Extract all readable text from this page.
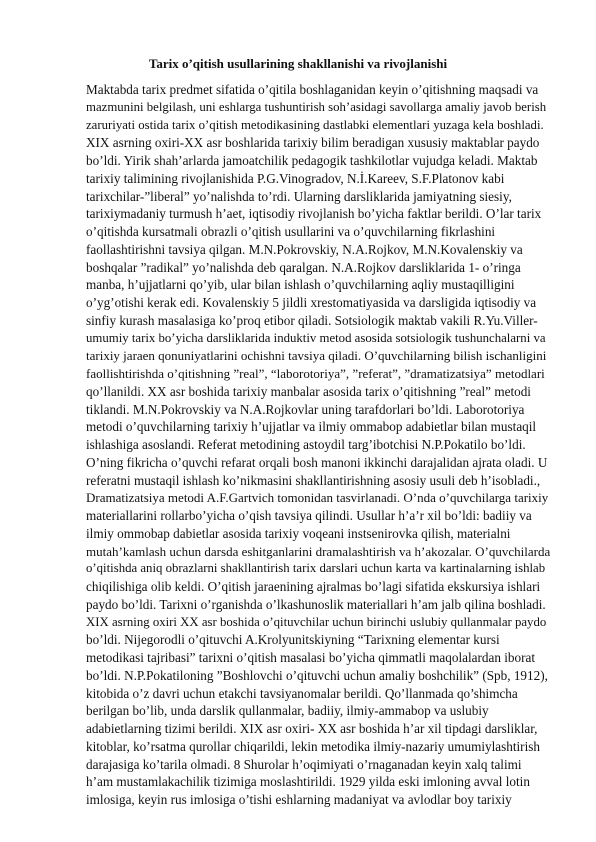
Tarix o’qitish usullarining shakllanishi va rivojlanishi
Maktabda tarix predmet sifatida o’qitila boshlaganidan keyin o’qitishning maqsadi va
mazmunini belgilash, uni eshlarga tushuntirish soh’asidagi savollarga amaliy javob berish
zaruriyati ostida tarix o’qitish metodikasining dastlabki elementlari yuzaga kela boshladi.
XIX asrning oxiri-XX asr boshlarida tarixiy bilim beradigan xususiy maktablar paydo
bo’ldi. Yirik shah’arlarda jamoatchilik pedagogik tashkilotlar vujudga keladi. Maktab
tarixiy talimining rivojlanishida P.G.Vinogradov, N.İ.Kareev, S.F.Platonov kabi
tarixchilar-”liberal” yo’nalishda to’rdi. Ularning darsliklarida jamiyatning siesiy,
tarixiymadaniy turmush h’aet, iqtisodiy rivojlanish bo’yicha faktlar berildi. O’lar tarix
o’qitishda kursatmali obrazli o’qitish usullarini va o’quvchilarning fikrlashini
faollashtirishni tavsiya qilgan. M.N.Pokrovskiy, N.A.Rojkov, M.N.Kovalenskiy va
boshqalar ”radikal” yo’nalishda deb qaralgan. N.A.Rojkov darsliklarida 1- o’ringa
manba, h’ujjatlarni qo’yib, ular bilan ishlash o’quvchilarning aqliy mustaqilligini
o’yg’otishi kerak edi. Kovalenskiy 5 jildli xrestomatiyasida va darsligida iqtisodiy va
sinfiy kurash masalasiga ko’proq etibor qiladi. Sotsiologik maktab vakili R.Yu.Viller-
umumiy tarix bo’yicha darsliklarida induktiv metod asosida sotsiologik tushunchalarni va
tarixiy jaraen qonuniyatlarini ochishni tavsiya qiladi. O’quvchilarning bilish ischanligini
faollishtirishda o’qitishning ”real”, “laborotoriya”, ”referat”, ”dramatizatsiya” metodlari
qo’llanildi. XX asr boshida tarixiy manbalar asosida tarix o’qitishning ”real” metodi
tiklandi. M.N.Pokrovskiy va N.A.Rojkovlar uning tarafdorlari bo’ldi. Laborotoriya
metodi o’quvchilarning tarixiy h’ujjatlar va ilmiy ommabop adabietlar bilan mustaqil
ishlashiga asoslandi. Referat metodining astoydil targ’ibotchisi N.P.Pokatilo bo’ldi.
O’ning fikricha o’quvchi refarat orqali bosh manoni ikkinchi darajalidan ajrata oladi. U
referatni mustaqil ishlash ko’nikmasini shakllantirishning asosiy usuli deb h’isobladi.,
Dramatizatsiya metodi A.F.Gartvich tomonidan tasvirlanadi. O’nda o’quvchilarga tarixiy
materiallarini rollarbo’yicha o’qish tavsiya qilindi. Usullar h’a’r xil bo’ldi: badiiy va
ilmiy ommobap dabietlar asosida tarixiy voqeani instsenirovka qilish, materialni
mutah’kamlash uchun darsda eshitganlarini dramalashtirish va h’akozalar. O’quvchilarda
o’qitishda aniq obrazlarni shakllantirish tarix darslari uchun karta va kartinalarning ishlab
chiqilishiga olib keldi. O’qitish jaraenining ajralmas bo’lagi sifatida ekskursiya ishlari
paydo bo’ldi. Tarixni o’rganishda o’lkashunoslik materiallari h’am jalb qilina boshladi.
XIX asrning oxiri XX asr boshida o’qituvchilar uchun birinchi uslubiy qullanmalar paydo
bo’ldi. Nijegorodli o’qituvchi A.Krolyunitskiyning “Tarixning elementar kursi
metodikasi tajribasi” tarixni o’qitish masalasi bo’yicha qimmatli maqolalardan iborat
bo’ldi. N.P.Pokatiloning ”Boshlovchi o’qituvchi uchun amaliy boshchilik” (Spb, 1912),
kitobida o’z davri uchun etakchi tavsiyanomalar berildi. Qo’llanmada qo’shimcha
berilgan bo’lib, unda darslik qullanmalar, badiiy, ilmiy-ammabop va uslubiy
adabietlarning tizimi berildi. XIX asr oxiri- XX asr boshida h’ar xil tipdagi darsliklar,
kitoblar, ko’rsatma qurollar chiqarildi, lekin metodika ilmiy-nazariy umumiylashtirish
darajasiga ko’tarila olmadi. 8 Shurolar h’oqimiyati o’rnaganadan keyin xalq talimi
h’am mustamlakachilik tizimiga moslashtirildi. 1929 yilda eski imloning avval lotin
imlosiga, keyin rus imlosiga o’tishi eshlarning madaniyat va avlodlar boy tarixiy
